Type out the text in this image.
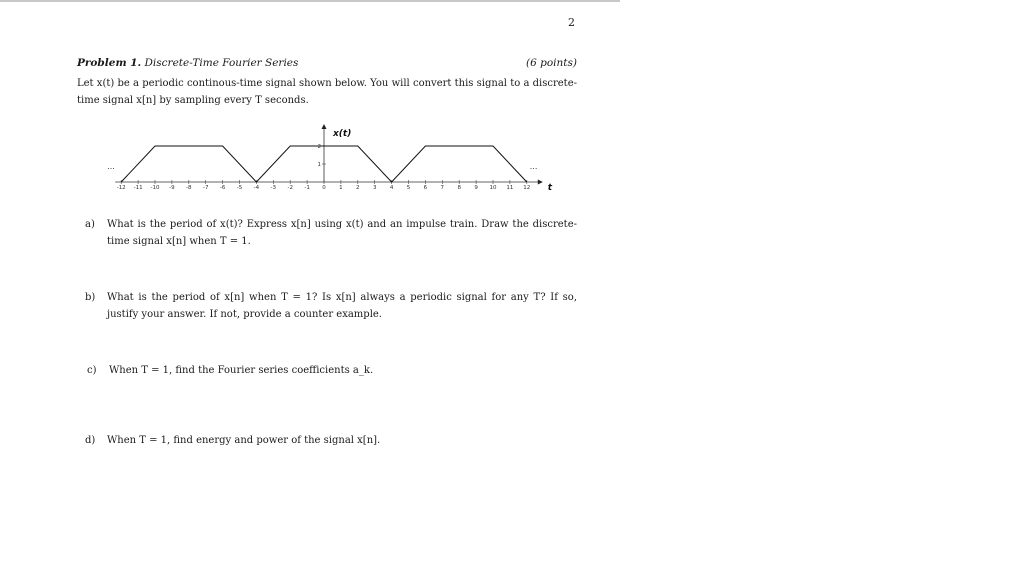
2
Problem 1. Discrete-Time Fourier Series	(6 points)
Let x(t) be a periodic continous-time signal shown below. You will convert this signal to a discrete-time signal x[n] by sampling every T seconds.
-12 -11 -10 -9 -8 -7 -6 -5 -4 -3 -2 -1 0 1 2 3 4 5 6 7 8 9 10 11 12
1
2
x(t)
t
...	...
a) What is the period of x(t)? Express x[n] using x(t) and an impulse train. Draw the discrete-time signal x[n] when T = 1.
b) What is the period of x[n] when T = 1? Is x[n] always a periodic signal for any T? If so, justify your answer. If not, provide a counter example.
c) When T = 1, find the Fourier series coefficients a_k.
d) When T = 1, find energy and power of the signal x[n].
